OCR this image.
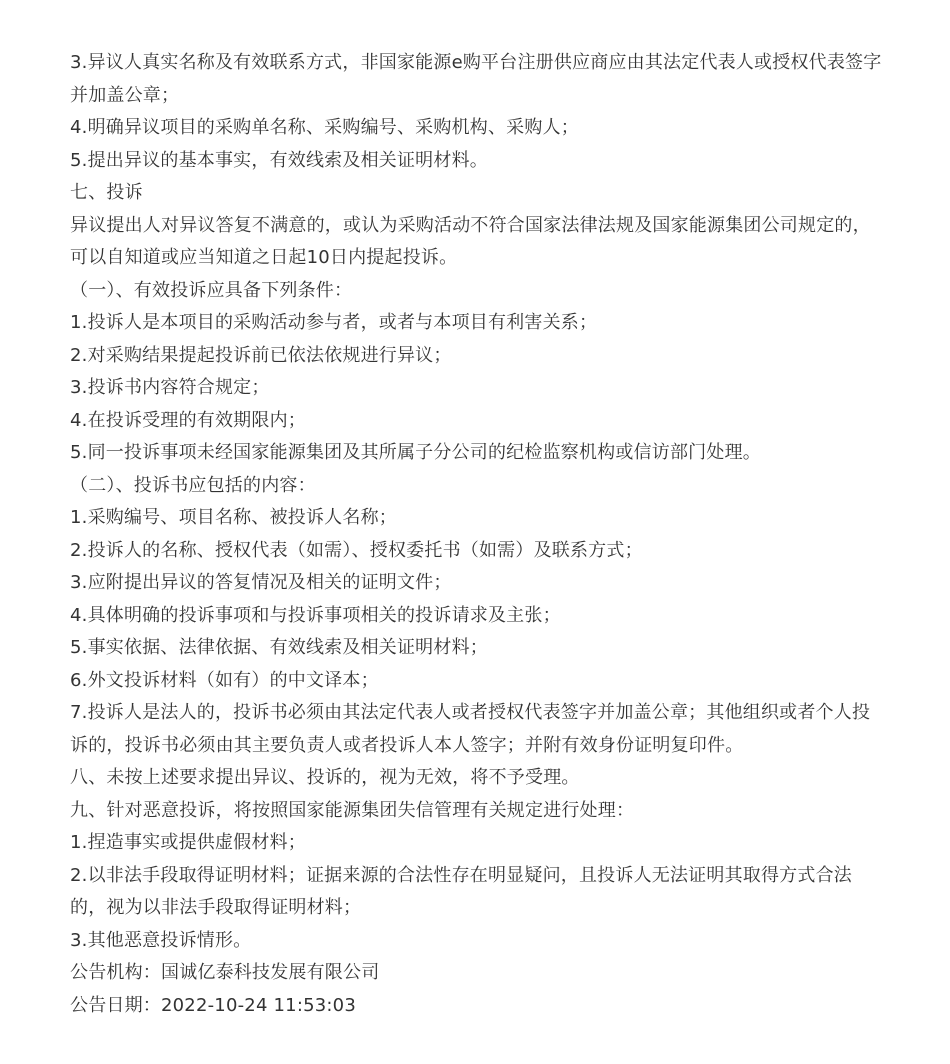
3.异议人真实名称及有效联系方式，非国家能源e购平台注册供应商应由其法定代表人或授权代表签字并加盖公章；
4.明确异议项目的采购单名称、采购编号、采购机构、采购人；
5.提出异议的基本事实，有效线索及相关证明材料。
七、投诉
异议提出人对异议答复不满意的，或认为采购活动不符合国家法律法规及国家能源集团公司规定的，可以自知道或应当知道之日起10日内提起投诉。
（一）、有效投诉应具备下列条件：
1.投诉人是本项目的采购活动参与者，或者与本项目有利害关系；
2.对采购结果提起投诉前已依法依规进行异议；
3.投诉书内容符合规定；
4.在投诉受理的有效期限内；
5.同一投诉事项未经国家能源集团及其所属子分公司的纪检监察机构或信访部门处理。
（二）、投诉书应包括的内容：
1.采购编号、项目名称、被投诉人名称；
2.投诉人的名称、授权代表（如需）、授权委托书（如需）及联系方式；
3.应附提出异议的答复情况及相关的证明文件；
4.具体明确的投诉事项和与投诉事项相关的投诉请求及主张；
5.事实依据、法律依据、有效线索及相关证明材料；
6.外文投诉材料（如有）的中文译本；
7.投诉人是法人的，投诉书必须由其法定代表人或者授权代表签字并加盖公章；其他组织或者个人投诉的，投诉书必须由其主要负责人或者投诉人本人签字；并附有效身份证明复印件。
八、未按上述要求提出异议、投诉的，视为无效，将不予受理。
九、针对恶意投诉，将按照国家能源集团失信管理有关规定进行处理：
1.捏造事实或提供虚假材料；
2.以非法手段取得证明材料；证据来源的合法性存在明显疑问，且投诉人无法证明其取得方式合法的，视为以非法手段取得证明材料；
3.其他恶意投诉情形。
公告机构：国诚亿泰科技发展有限公司
公告日期：2022-10-24 11:53:03
